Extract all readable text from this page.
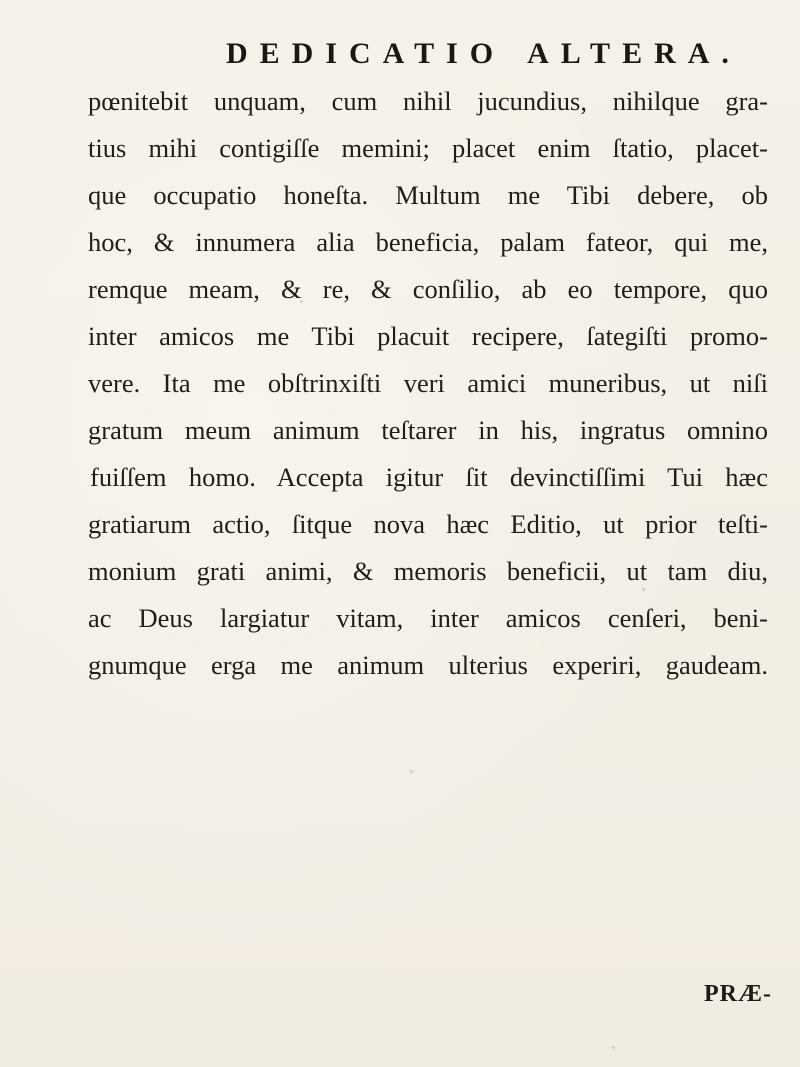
DEDICATIO ALTERA.
pœnitebit unquam, cum nihil jucundius, nihilque gra-
tius mihi contigiſſe memini; placet enim ſtatio, placet-
que occupatio honeſta. Multum me Tibi debere, ob
hoc, & innumera alia beneficia, palam fateor, qui me,
remque meam, & re, & conſilio, ab eo tempore, quo
inter amicos me Tibi placuit recipere, ſategiſti promo-
vere. Ita me obſtrinxiſti veri amici muneribus, ut niſi
gratum meum animum teſtarer in his, ingratus omnino
fuiſſem homo. Accepta igitur ſit devinctiſſimi Tui hæc
gratiarum actio, ſitque nova hæc Editio, ut prior teſti-
monium grati animi, & memoris beneficii, ut tam diu,
ac Deus largiatur vitam, inter amicos cenſeri, beni-
gnumque erga me animum ulterius experiri, gaudeam.
PRÆ-
